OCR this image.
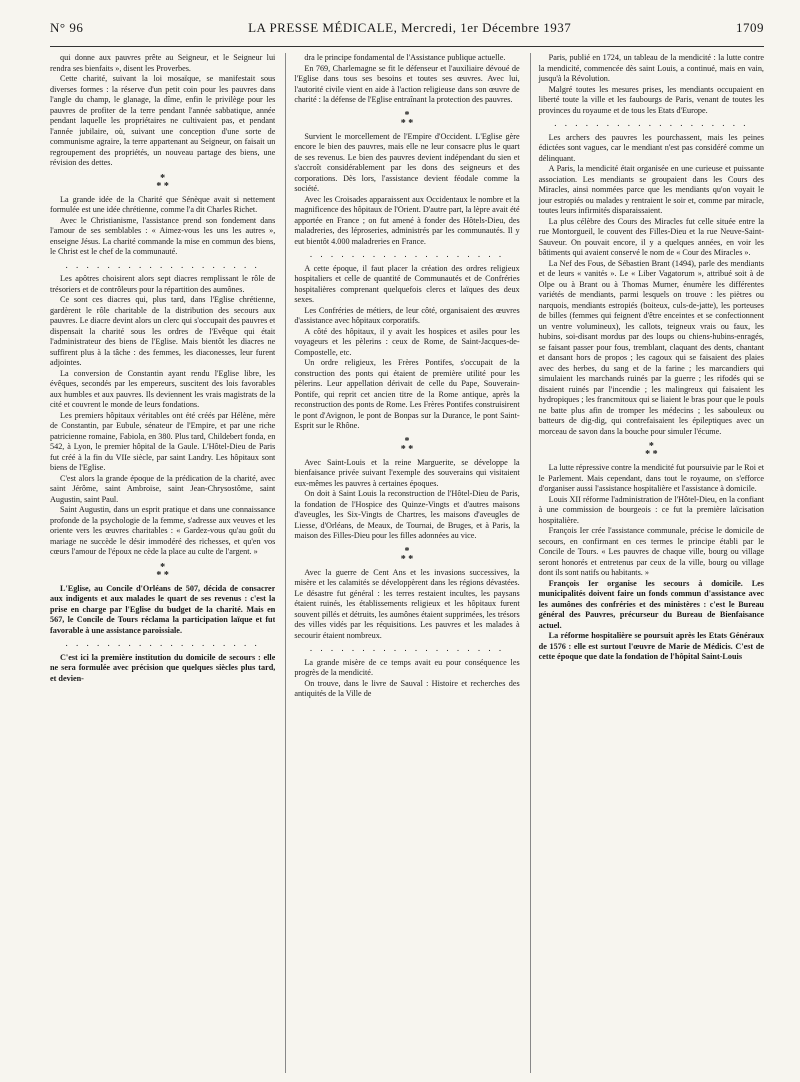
N° 96	LA PRESSE MÉDICALE, Mercredi, 1er Décembre 1937	1709

qui donne aux pauvres prête au Seigneur, et le Seigneur lui rendra ses bienfaits », disent les Proverbes.

Cette charité, suivant la loi mosaïque, se manifestait sous diverses formes : la réserve d'un petit coin pour les pauvres dans l'angle du champ, le glanage, la dîme, enfin le privilège pour les pauvres de profiter de la terre pendant l'année sabbatique, année pendant laquelle les propriétaires ne cultivaient pas, et pendant l'année jubilaire, où, suivant une conception d'une sorte de communisme agraire, la terre appartenant au Seigneur, on faisait un regroupement des propriétés, un nouveau partage des biens, une révision des dettes.

*
* *

La grande idée de la Charité que Sénèque avait si nettement formulée est une idée chrétienne, comme l'a dit Charles Richet.

Avec le Christianisme, l'assistance prend son fondement dans l'amour de ses semblables : « Aimez-vous les uns les autres », enseigne Jésus. La charité commande la mise en commun des biens, le Christ est le chef de la communauté.

. . . . . . . . . . . . . . . . . . .

Les apôtres choisirent alors sept diacres remplissant le rôle de trésoriers et de contrôleurs pour la répartition des aumônes.

Ce sont ces diacres qui, plus tard, dans l'Eglise chrétienne, gardèrent le rôle charitable de la distribution des secours aux pauvres. Le diacre devint alors un clerc qui s'occupait des pauvres et dispensait la charité sous les ordres de l'Evêque qui était l'administrateur des biens de l'Eglise. Mais bientôt les diacres ne suffirent plus à la tâche : des femmes, les diaconesses, leur furent adjointes.

La conversion de Constantin ayant rendu l'Eglise libre, les évêques, secondés par les empereurs, suscitent des lois favorables aux humbles et aux pauvres. Ils deviennent les vrais magistrats de la cité et couvrent le monde de leurs fondations.

Les premiers hôpitaux véritables ont été créés par Hélène, mère de Constantin, par Eubule, sénateur de l'Empire, et par une riche patricienne romaine, Fabiola, en 380. Plus tard, Childebert fonda, en 542, à Lyon, le premier hôpital de la Gaule. L'Hôtel-Dieu de Paris fut créé à la fin du VIIe siècle, par saint Landry. Les hôpitaux sont biens de l'Eglise.

C'est alors la grande époque de la prédication de la charité, avec saint Jérôme, saint Ambroise, saint Jean-Chrysostôme, saint Augustin, saint Paul.

Saint Augustin, dans un esprit pratique et dans une connaissance profonde de la psychologie de la femme, s'adresse aux veuves et les oriente vers les œuvres charitables : « Gardez-vous qu'au goût du mariage ne succède le désir immodéré des richesses, et qu'en vos cœurs l'amour de l'époux ne cède la place au culte de l'argent. »

*
* *

L'Eglise, au Concile d'Orléans de 507, décida de consacrer aux indigents et aux malades le quart de ses revenus : c'est la prise en charge par l'Eglise du budget de la charité. Mais en 567, le Concile de Tours réclama la participation laïque et fut favorable à une assistance paroissiale.

. . . . . . . . . . . . . . . . . . .

C'est ici la première institution du domicile de secours : elle ne sera formulée avec précision que quelques siècles plus tard, et devien-

dra le principe fondamental de l'Assistance publique actuelle.

En 769, Charlemagne se fit le défenseur et l'auxiliaire dévoué de l'Eglise dans tous ses besoins et toutes ses œuvres. Avec lui, l'autorité civile vient en aide à l'action religieuse dans son œuvre de charité : la défense de l'Eglise entraînant la protection des pauvres.

*
* *

Survient le morcellement de l'Empire d'Occident. L'Eglise gère encore le bien des pauvres, mais elle ne leur consacre plus le quart de ses revenus. Le bien des pauvres devient indépendant du sien et s'accroît considérablement par les dons des seigneurs et des corporations. Dès lors, l'assistance devient féodale comme la société.

Avec les Croisades apparaissent aux Occidentaux le nombre et la magnificence des hôpitaux de l'Orient. D'autre part, la lèpre avait été apportée en France ; on fut amené à fonder des Hôtels-Dieu, des maladreries, des léproseries, administrés par les communautés. Il y eut bientôt 4.000 maladreries en France.

. . . . . . . . . . . . . . . . . . .

A cette époque, il faut placer la création des ordres religieux hospitaliers et celle de quantité de Communautés et de Confréries hospitalières comprenant quelquefois clercs et laïques des deux sexes.

Les Confréries de métiers, de leur côté, organisaient des œuvres d'assistance avec hôpitaux corporatifs.

A côté des hôpitaux, il y avait les hospices et asiles pour les voyageurs et les pèlerins : ceux de Rome, de Saint-Jacques-de-Compostelle, etc.

Un ordre religieux, les Frères Pontifes, s'occupait de la construction des ponts qui étaient de première utilité pour les pèlerins. Leur appellation dérivait de celle du Pape, Souverain-Pontife, qui reprit cet ancien titre de la Rome antique, après la reconstruction des ponts de Rome. Les Frères Pontifes construisirent le pont d'Avignon, le pont de Bonpas sur la Durance, le pont Saint-Esprit sur le Rhône.

*
* *

Avec Saint-Louis et la reine Marguerite, se développe la bienfaisance privée suivant l'exemple des souverains qui visitaient eux-mêmes les pauvres à certaines époques.

On doit à Saint Louis la reconstruction de l'Hôtel-Dieu de Paris, la fondation de l'Hospice des Quinze-Vingts et d'autres maisons d'aveugles, les Six-Vingts de Chartres, les maisons d'aveugles de Liesse, d'Orléans, de Meaux, de Tournai, de Bruges, et à Paris, la maison des Filles-Dieu pour les filles adonnées au vice.

*
* *

Avec la guerre de Cent Ans et les invasions successives, la misère et les calamités se développèrent dans les régions dévastées. Le désastre fut général : les terres restaient incultes, les paysans étaient ruinés, les établissements religieux et les hôpitaux furent souvent pillés et détruits, les aumônes étaient supprimées, les trésors des villes vidés par les réquisitions. Les pauvres et les malades à secourir étaient nombreux.

. . . . . . . . . . . . . . . . . . .

La grande misère de ce temps avait eu pour conséquence les progrès de la mendicité.

On trouve, dans le livre de Sauval : Histoire et recherches des antiquités de la Ville de

Paris, publié en 1724, un tableau de la mendicité : la lutte contre la mendicité, commencée dès saint Louis, a continué, mais en vain, jusqu'à la Révolution.

Malgré toutes les mesures prises, les mendiants occupaient en liberté toute la ville et les faubourgs de Paris, venant de toutes les provinces du royaume et de tous les Etats d'Europe.

. . . . . . . . . . . . . . . . . . .

Les archers des pauvres les pourchassent, mais les peines édictées sont vagues, car le mendiant n'est pas considéré comme un délinquant.

A Paris, la mendicité était organisée en une curieuse et puissante association. Les mendiants se groupaient dans les Cours des Miracles, ainsi nommées parce que les mendiants qu'on voyait le jour estropiés ou malades y rentraient le soir et, comme par miracle, toutes leurs infirmités disparaissaient.

La plus célèbre des Cours des Miracles fut celle située entre la rue Montorgueil, le couvent des Filles-Dieu et la rue Neuve-Saint-Sauveur. On pouvait encore, il y a quelques années, en voir les bâtiments qui avaient conservé le nom de « Cour des Miracles ».

La Nef des Fous, de Sébastien Brant (1494), parle des mendiants et de leurs « vanités ». Le « Liber Vagatorum », attribué soit à de Olpe ou à Brant ou à Thomas Murner, énumère les différentes variétés de mendiants, parmi lesquels on trouve : les piètres ou narquois, mendiants estropiés (boiteux, culs-de-jatte), les porteuses de billes (femmes qui feignent d'être enceintes et se confectionnent un ventre volumineux), les callots, teigneux vrais ou faux, les hubins, soi-disant mordus par des loups ou chiens-hubins-enragés, se faisant passer pour fous, tremblant, claquant des dents, chantant et dansant hors de propos ; les cagoux qui se faisaient des plaies avec des herbes, du sang et de la farine ; les marcandiers qui simulaient les marchands ruinés par la guerre ; les rifodés qui se disaient ruinés par l'incendie ; les malingreux qui faisaient les hydropiques ; les francmitoux qui se liaient le bras pour que le pouls ne batte plus afin de tromper les médecins ; les sabouleux ou batteurs de dig-dig, qui contrefaisaient les épileptiques avec un morceau de savon dans la bouche pour simuler l'écume.

*
* *

La lutte répressive contre la mendicité fut poursuivie par le Roi et le Parlement. Mais cependant, dans tout le royaume, on s'efforce d'organiser aussi l'assistance hospitalière et l'assistance à domicile.

Louis XII réforme l'administration de l'Hôtel-Dieu, en la confiant à une commission de bourgeois : ce fut la première laïcisation hospitalière.

François Ier crée l'assistance communale, précise le domicile de secours, en confirmant en ces termes le principe établi par le Concile de Tours. « Les pauvres de chaque ville, bourg ou village seront honorés et entretenus par ceux de la ville, bourg ou village dont ils sont natifs ou habitants. »

François Ier organise les secours à domicile. Les municipalités doivent faire un fonds commun d'assistance avec les aumônes des confréries et des ministères : c'est le Bureau général des Pauvres, précurseur du Bureau de Bienfaisance actuel.

La réforme hospitalière se poursuit après les Etats Généraux de 1576 : elle est surtout l'œuvre de Marie de Médicis. C'est de cette époque que date la fondation de l'hôpital Saint-Louis
